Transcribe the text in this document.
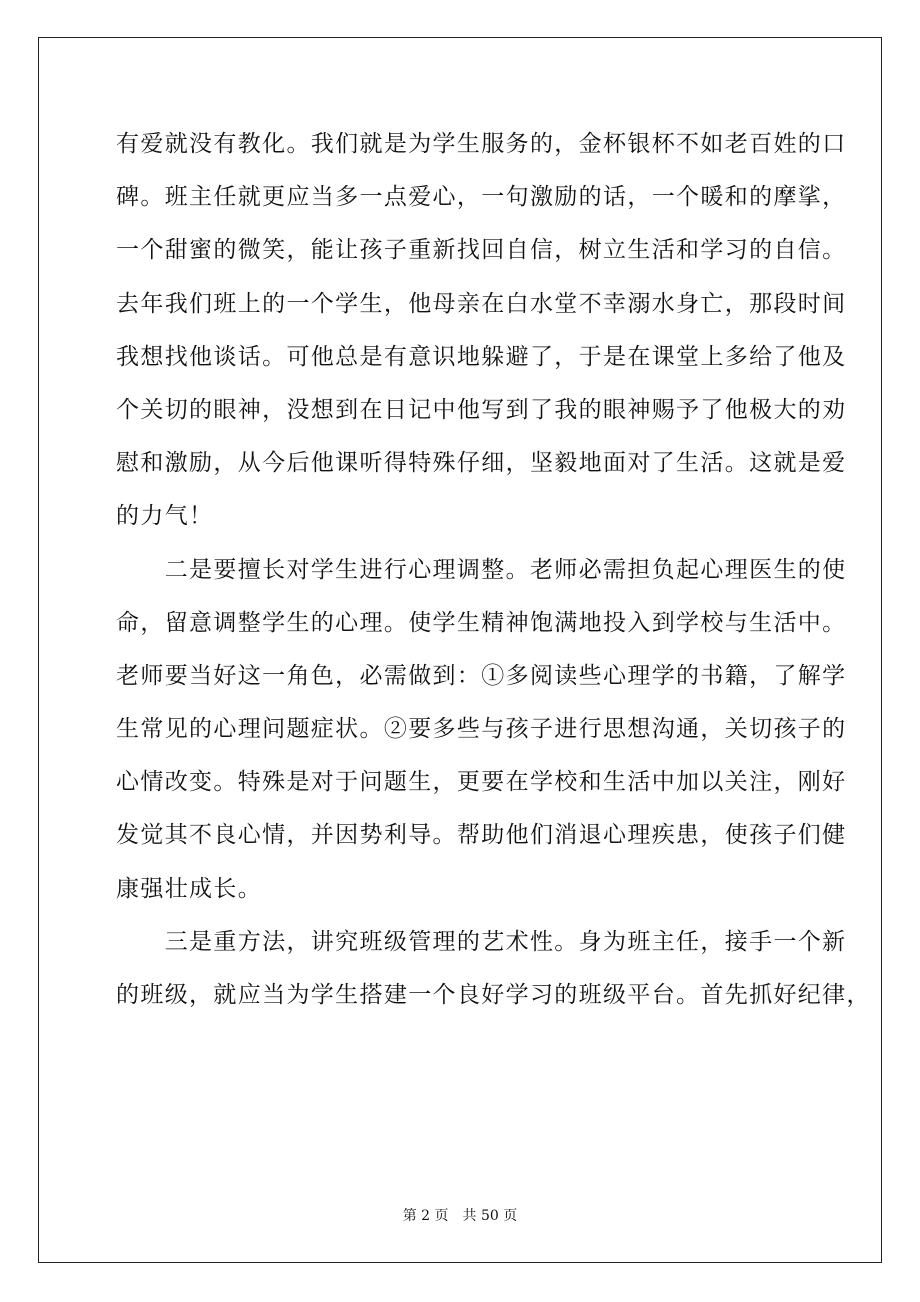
有爱就没有教化。我们就是为学生服务的，金杯银杯不如老百姓的口
碑。班主任就更应当多一点爱心，一句激励的话，一个暖和的摩挲，
一个甜蜜的微笑，能让孩子重新找回自信，树立生活和学习的自信。
去年我们班上的一个学生，他母亲在白水堂不幸溺水身亡，那段时间
我想找他谈话。可他总是有意识地躲避了，于是在课堂上多给了他及
个关切的眼神，没想到在日记中他写到了我的眼神赐予了他极大的劝
慰和激励，从今后他课听得特殊仔细，坚毅地面对了生活。这就是爱
的力气！
　　二是要擅长对学生进行心理调整。老师必需担负起心理医生的使
命，留意调整学生的心理。使学生精神饱满地投入到学校与生活中。
老师要当好这一角色，必需做到：①多阅读些心理学的书籍，了解学
生常见的心理问题症状。②要多些与孩子进行思想沟通，关切孩子的
心情改变。特殊是对于问题生，更要在学校和生活中加以关注，刚好
发觉其不良心情，并因势利导。帮助他们消退心理疾患，使孩子们健
康强壮成长。
　　三是重方法，讲究班级管理的艺术性。身为班主任，接手一个新
的班级，就应当为学生搭建一个良好学习的班级平台。首先抓好纪律，
第 2 页　共 50 页
